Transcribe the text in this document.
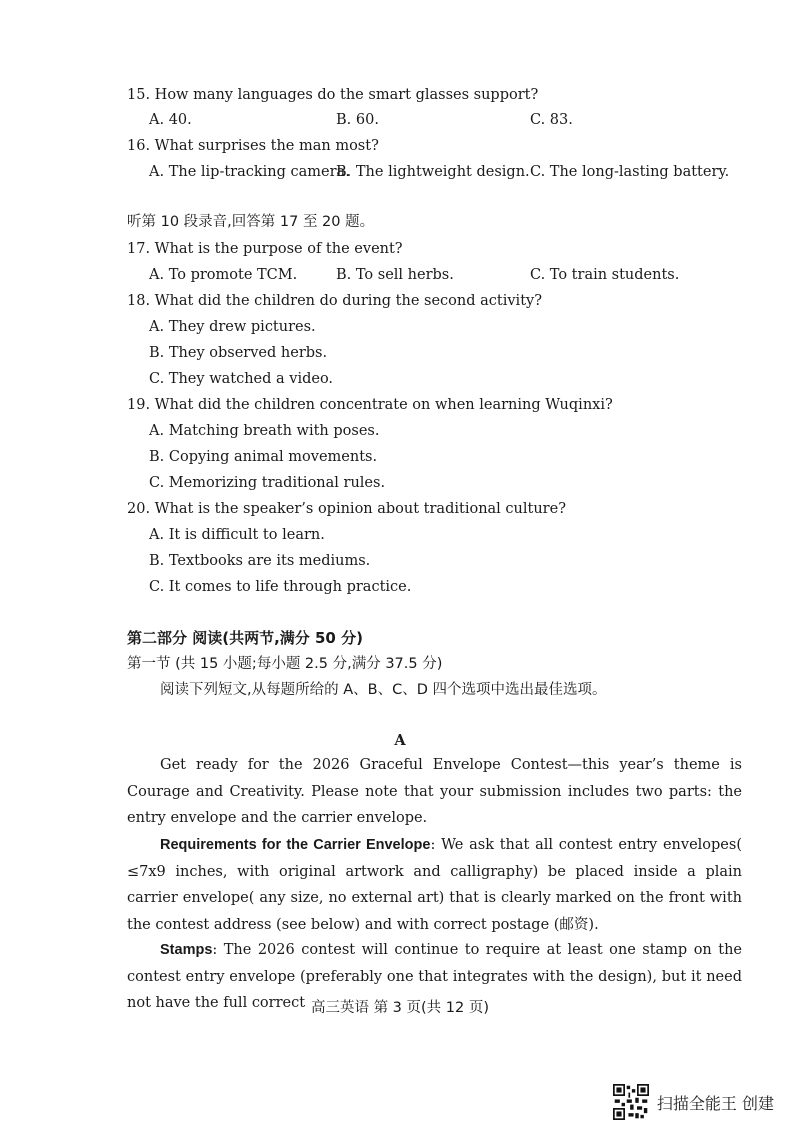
15. How many languages do the smart glasses support?
A. 40.	B. 60.	C. 83.
16. What surprises the man most?
A. The lip-tracking camera.
B. The lightweight design. C. The long-lasting battery.
听第 10 段录音,回答第 17 至 20 题。
17. What is the purpose of the event?
A. To promote TCM.	B. To sell herbs.	C. To train students.
18. What did the children do during the second activity?
A. They drew pictures.
B. They observed herbs.
C. They watched a video.
19. What did the children concentrate on when learning Wuqinxi?
A. Matching breath with poses.
B. Copying animal movements.
C. Memorizing traditional rules.
20. What is the speaker’s opinion about traditional culture?
A. It is difficult to learn.
B. Textbooks are its mediums.
C. It comes to life through practice.
第二部分 阅读(共两节,满分 50 分)
第一节 (共 15 小题;每小题 2.5 分,满分 37.5 分)
阅读下列短文,从每题所给的 A、B、C、D 四个选项中选出最佳选项。
A
Get ready for the 2026 Graceful Envelope Contest—this year’s theme is Courage and Creativity. Please note that your submission includes two parts: the entry envelope and the carrier envelope.
Requirements for the Carrier Envelope: We ask that all contest entry envelopes( ≤7x9 inches, with original artwork and calligraphy) be placed inside a plain carrier envelope( any size, no external art) that is clearly marked on the front with the contest address (see below) and with correct postage (邮资).
Stamps: The 2026 contest will continue to require at least one stamp on the contest entry envelope (preferably one that integrates with the design), but it need not have the full correct 高三英语 第 3 页(共 12 页)
扫描全能王 创建
